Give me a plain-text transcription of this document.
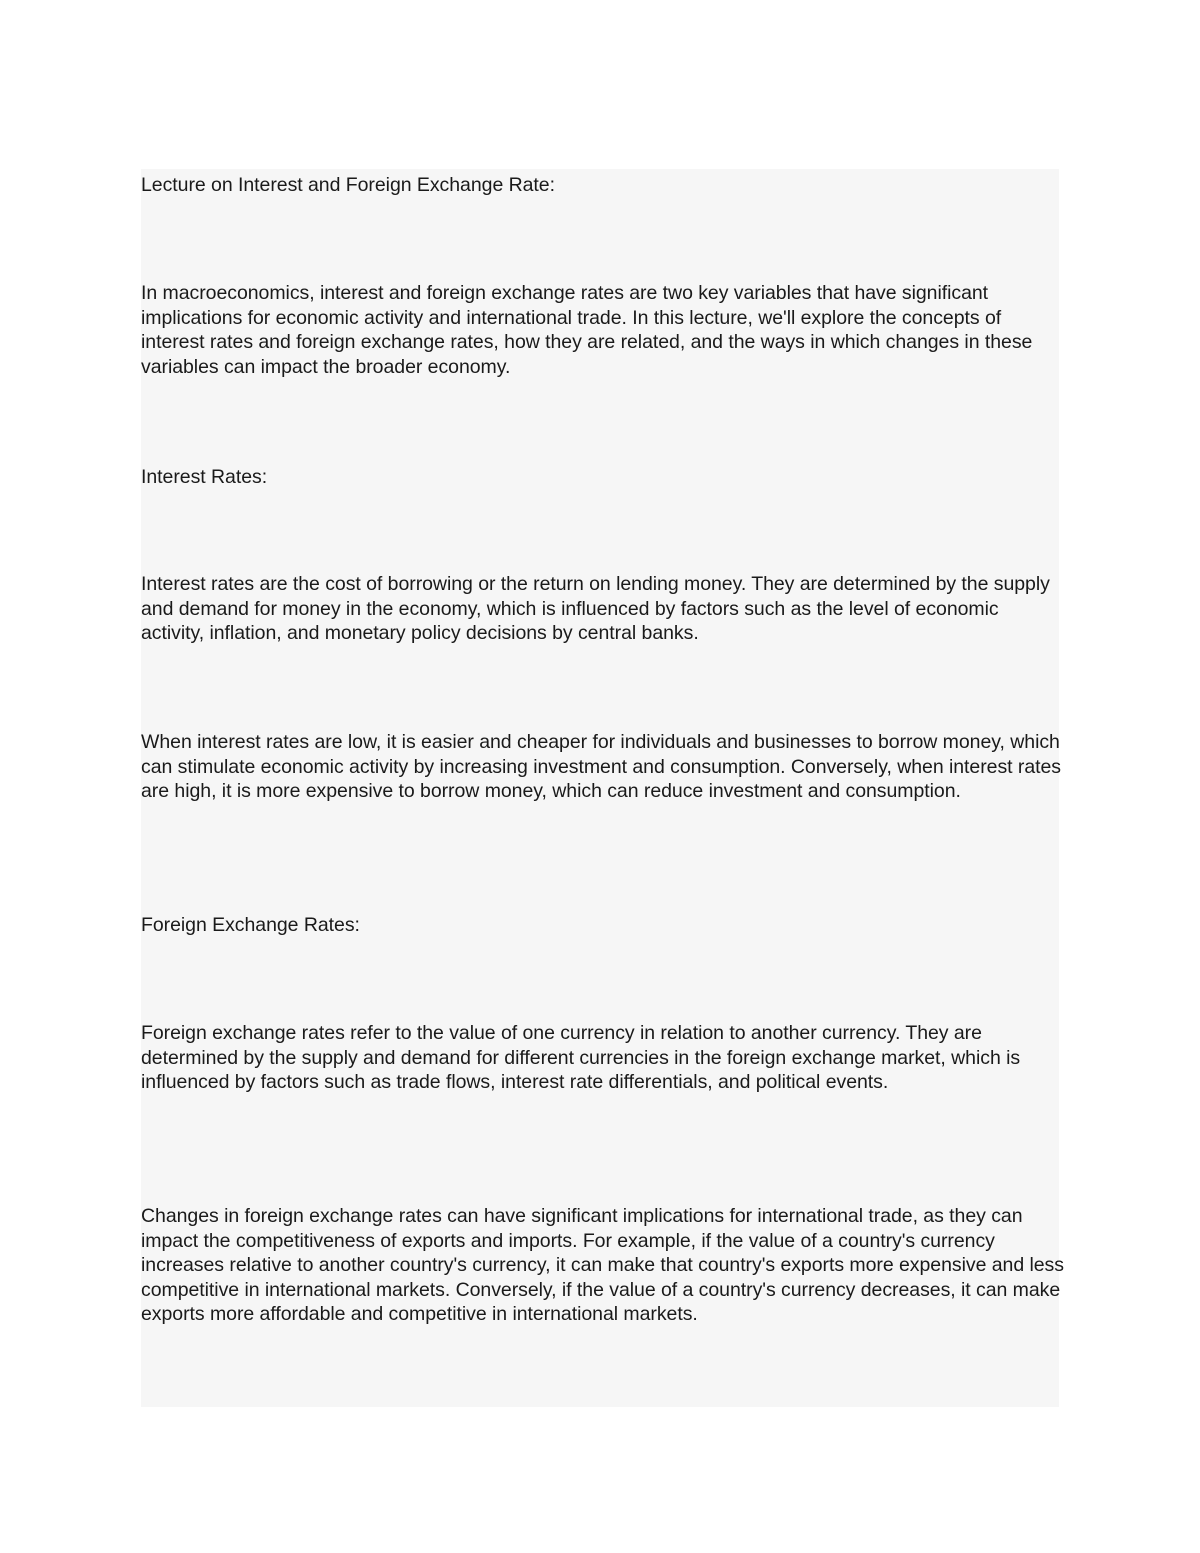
Lecture on Interest and Foreign Exchange Rate:

In macroeconomics, interest and foreign exchange rates are two key variables that have significant implications for economic activity and international trade. In this lecture, we'll explore the concepts of interest rates and foreign exchange rates, how they are related, and the ways in which changes in these variables can impact the broader economy.

Interest Rates:

Interest rates are the cost of borrowing or the return on lending money. They are determined by the supply and demand for money in the economy, which is influenced by factors such as the level of economic activity, inflation, and monetary policy decisions by central banks.

When interest rates are low, it is easier and cheaper for individuals and businesses to borrow money, which can stimulate economic activity by increasing investment and consumption. Conversely, when interest rates are high, it is more expensive to borrow money, which can reduce investment and consumption.

Foreign Exchange Rates:

Foreign exchange rates refer to the value of one currency in relation to another currency. They are determined by the supply and demand for different currencies in the foreign exchange market, which is influenced by factors such as trade flows, interest rate differentials, and political events.

Changes in foreign exchange rates can have significant implications for international trade, as they can impact the competitiveness of exports and imports. For example, if the value of a country's currency increases relative to another country's currency, it can make that country's exports more expensive and less competitive in international markets. Conversely, if the value of a country's currency decreases, it can make exports more affordable and competitive in international markets.
